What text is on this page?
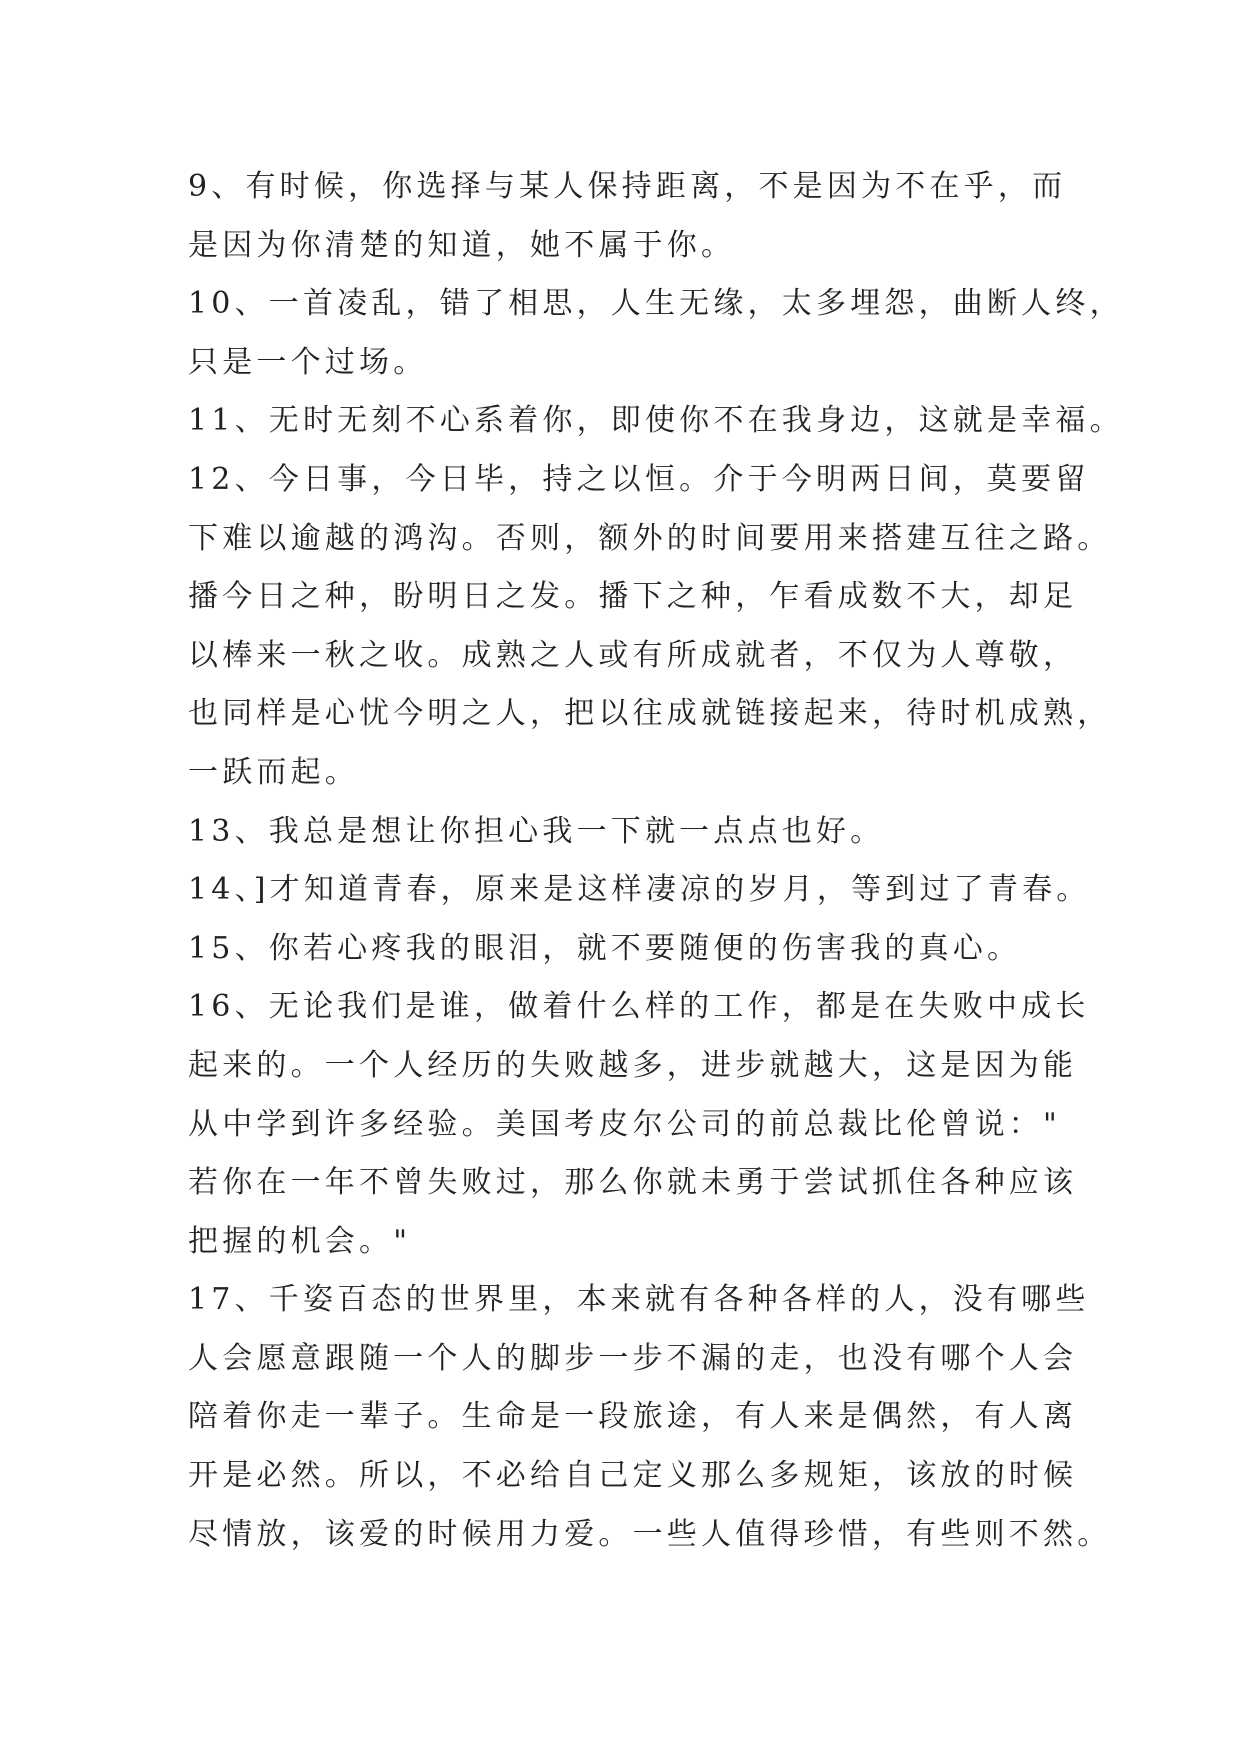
9、有时候，你选择与某人保持距离，不是因为不在乎，而
是因为你清楚的知道，她不属于你。
10、一首凌乱，错了相思，人生无缘，太多埋怨，曲断人终，
只是一个过场。
11、无时无刻不心系着你，即使你不在我身边，这就是幸福。
12、今日事，今日毕，持之以恒。介于今明两日间，莫要留
下难以逾越的鸿沟。否则，额外的时间要用来搭建互往之路。
播今日之种，盼明日之发。播下之种，乍看成数不大，却足
以棒来一秋之收。成熟之人或有所成就者，不仅为人尊敬，
也同样是心忧今明之人，把以往成就链接起来，待时机成熟，
一跃而起。
13、我总是想让你担心我一下就一点点也好。
14、]才知道青春，原来是这样凄凉的岁月，等到过了青春。
15、你若心疼我的眼泪，就不要随便的伤害我的真心。
16、无论我们是谁，做着什么样的工作，都是在失败中成长
起来的。一个人经历的失败越多，进步就越大，这是因为能
从中学到许多经验。美国考皮尔公司的前总裁比伦曾说："
若你在一年不曾失败过，那么你就未勇于尝试抓住各种应该
把握的机会。"
17、千姿百态的世界里，本来就有各种各样的人，没有哪些
人会愿意跟随一个人的脚步一步不漏的走，也没有哪个人会
陪着你走一辈子。生命是一段旅途，有人来是偶然，有人离
开是必然。所以，不必给自己定义那么多规矩，该放的时候
尽情放，该爱的时候用力爱。一些人值得珍惜，有些则不然。
